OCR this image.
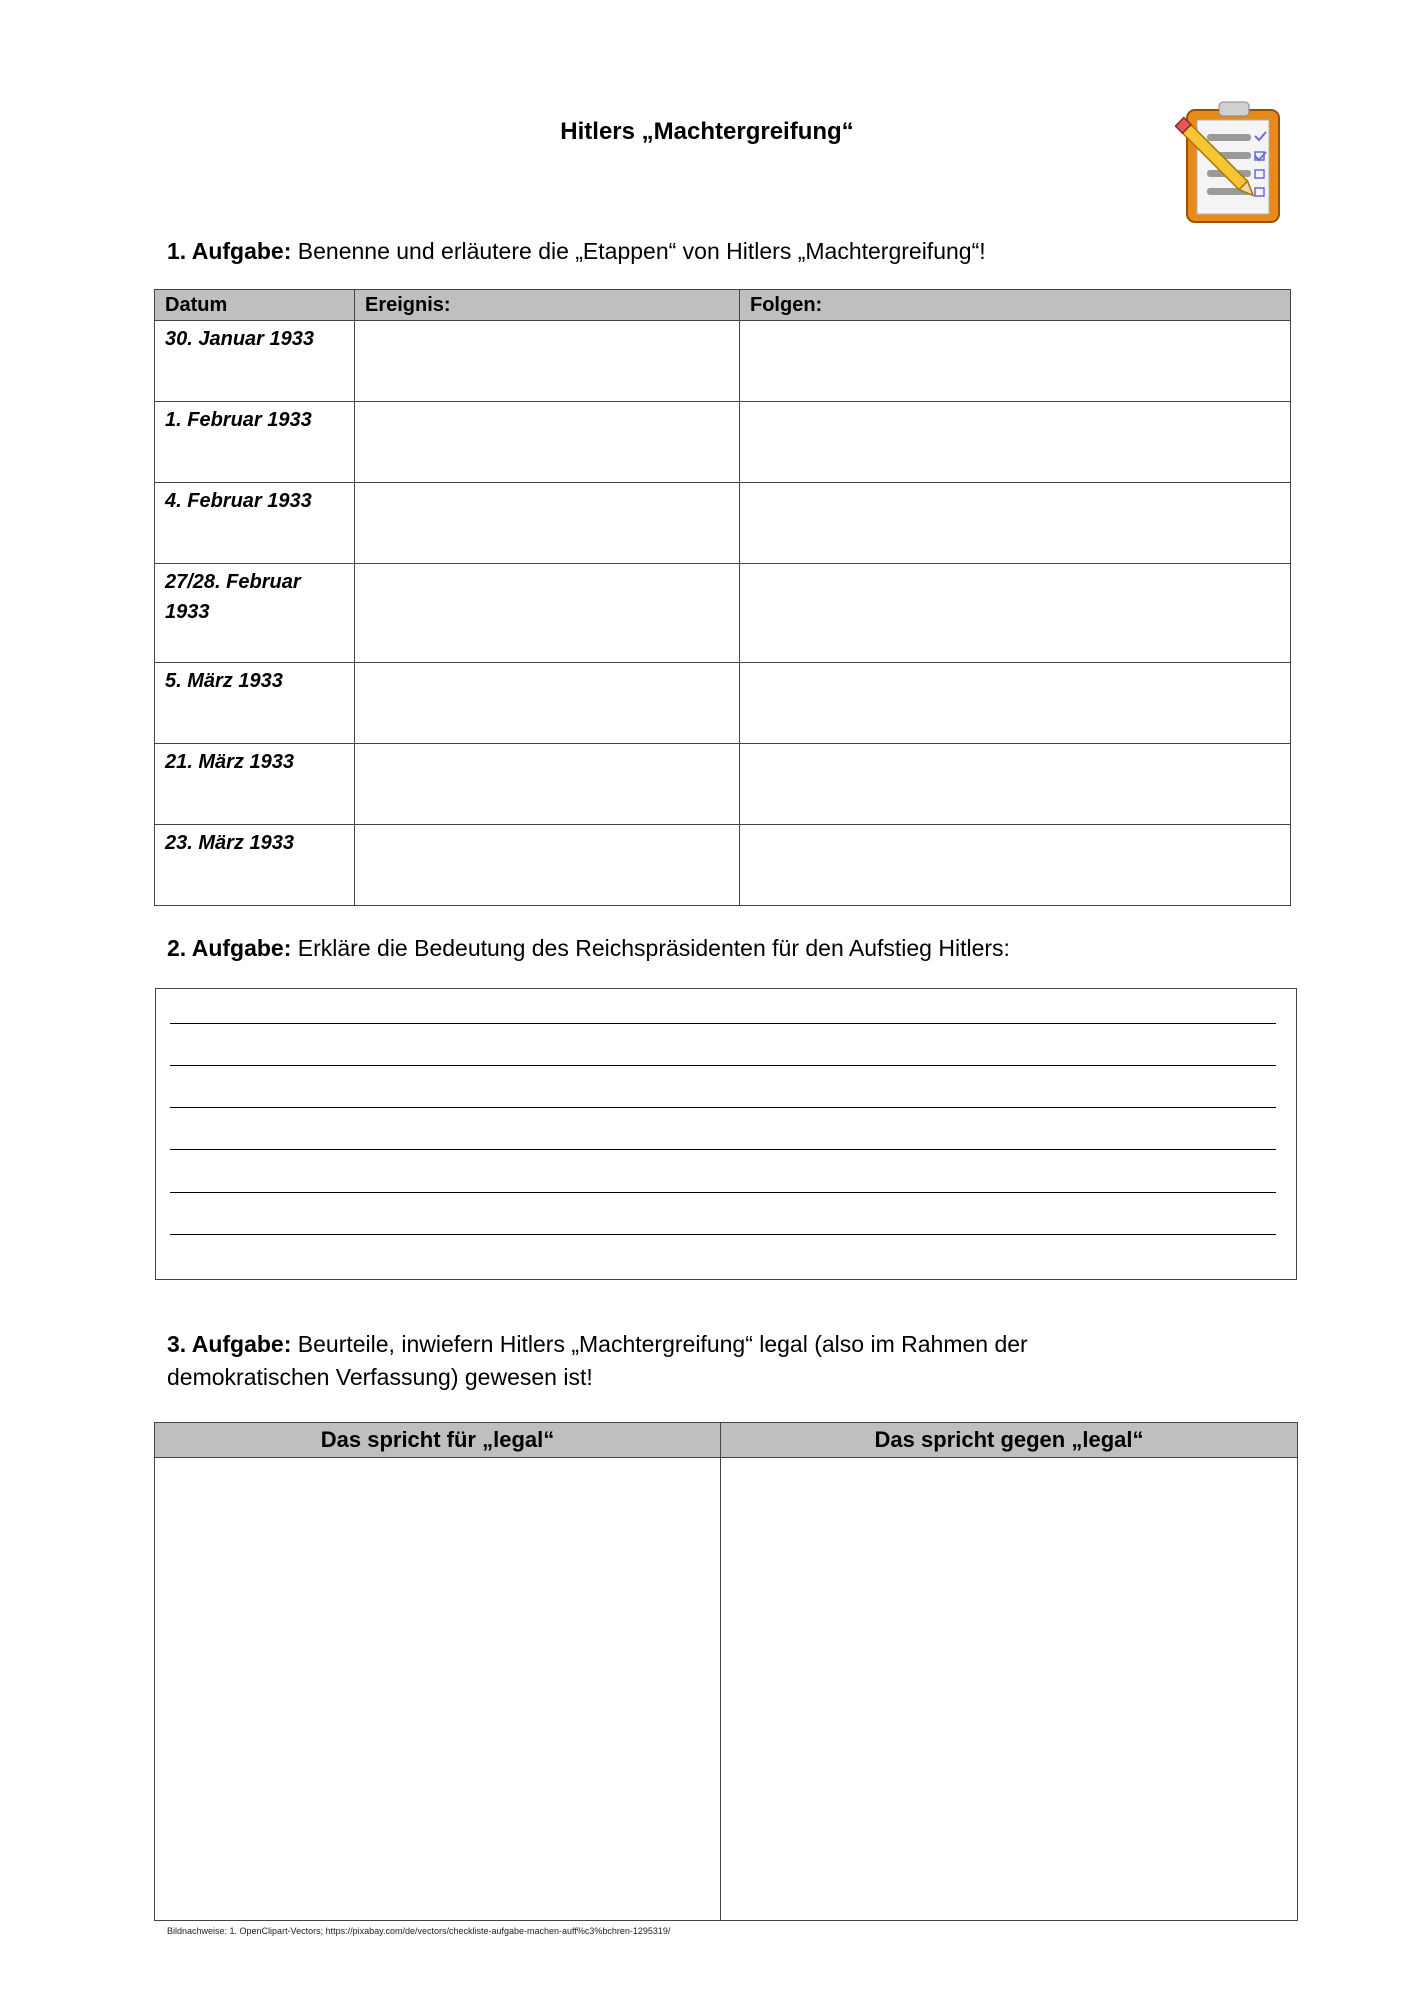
Hitlers „Machtergreifung“
1. Aufgabe: Benenne und erläutere die „Etappen“ von Hitlers „Machtergreifung“!
Datum	Ereignis:	Folgen:
30. Januar 1933		
1. Februar 1933		
4. Februar 1933		
27/28. Februar 1933		
5. März 1933		
21. März 1933		
23. März 1933		
2. Aufgabe: Erkläre die Bedeutung des Reichspräsidenten für den Aufstieg Hitlers:
3. Aufgabe: Beurteile, inwiefern Hitlers „Machtergreifung“ legal (also im Rahmen der
demokratischen Verfassung) gewesen ist!
Das spricht für „legal“	Das spricht gegen „legal“

Bildnachweise: 1. OpenClipart-Vectors; https://pixabay.com/de/vectors/checkliste-aufgabe-machen-auff%c3%bchren-1295319/
